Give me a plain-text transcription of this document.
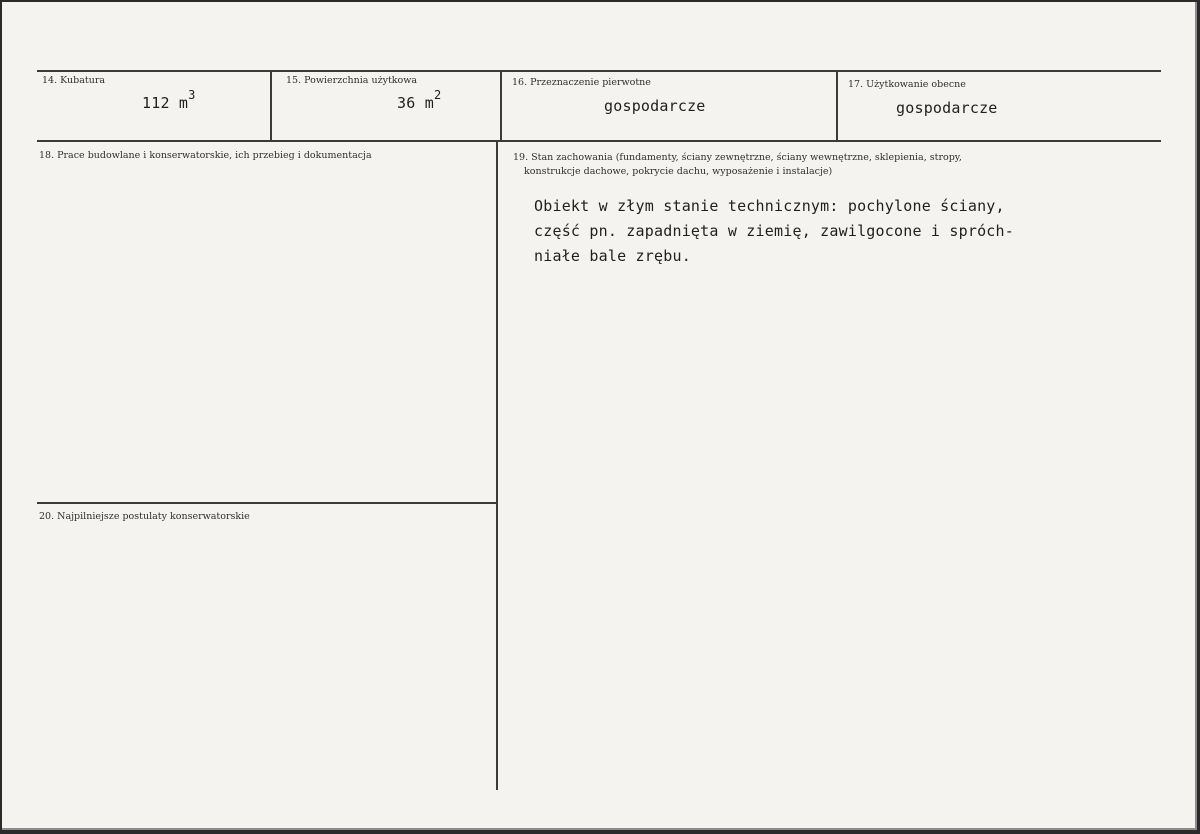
14. Kubatura
112 $m^3$
15. Powierzchnia użytkowa
36 $m^2$
16. Przeznaczenie pierwotne
gospodarcze
17. Użytkowanie obecne
gospodarcze
18. Prace budowlane i konserwatorskie, ich przebieg i dokumentacja	19. Stan zachowania (fundamenty, ściany zewnętrzne, ściany wewnętrzne, sklepienia, stropy,
konstrukcje dachowe, pokrycie dachu, wyposażenie i instalacje)
Obiekt w złym stanie technicznym: pochylone ściany,
część pn. zapadnięta w ziemię, zawilgocone i spróch-
niałe bale zrębu.
20. Najpilniejsze postulaty konserwatorskie
